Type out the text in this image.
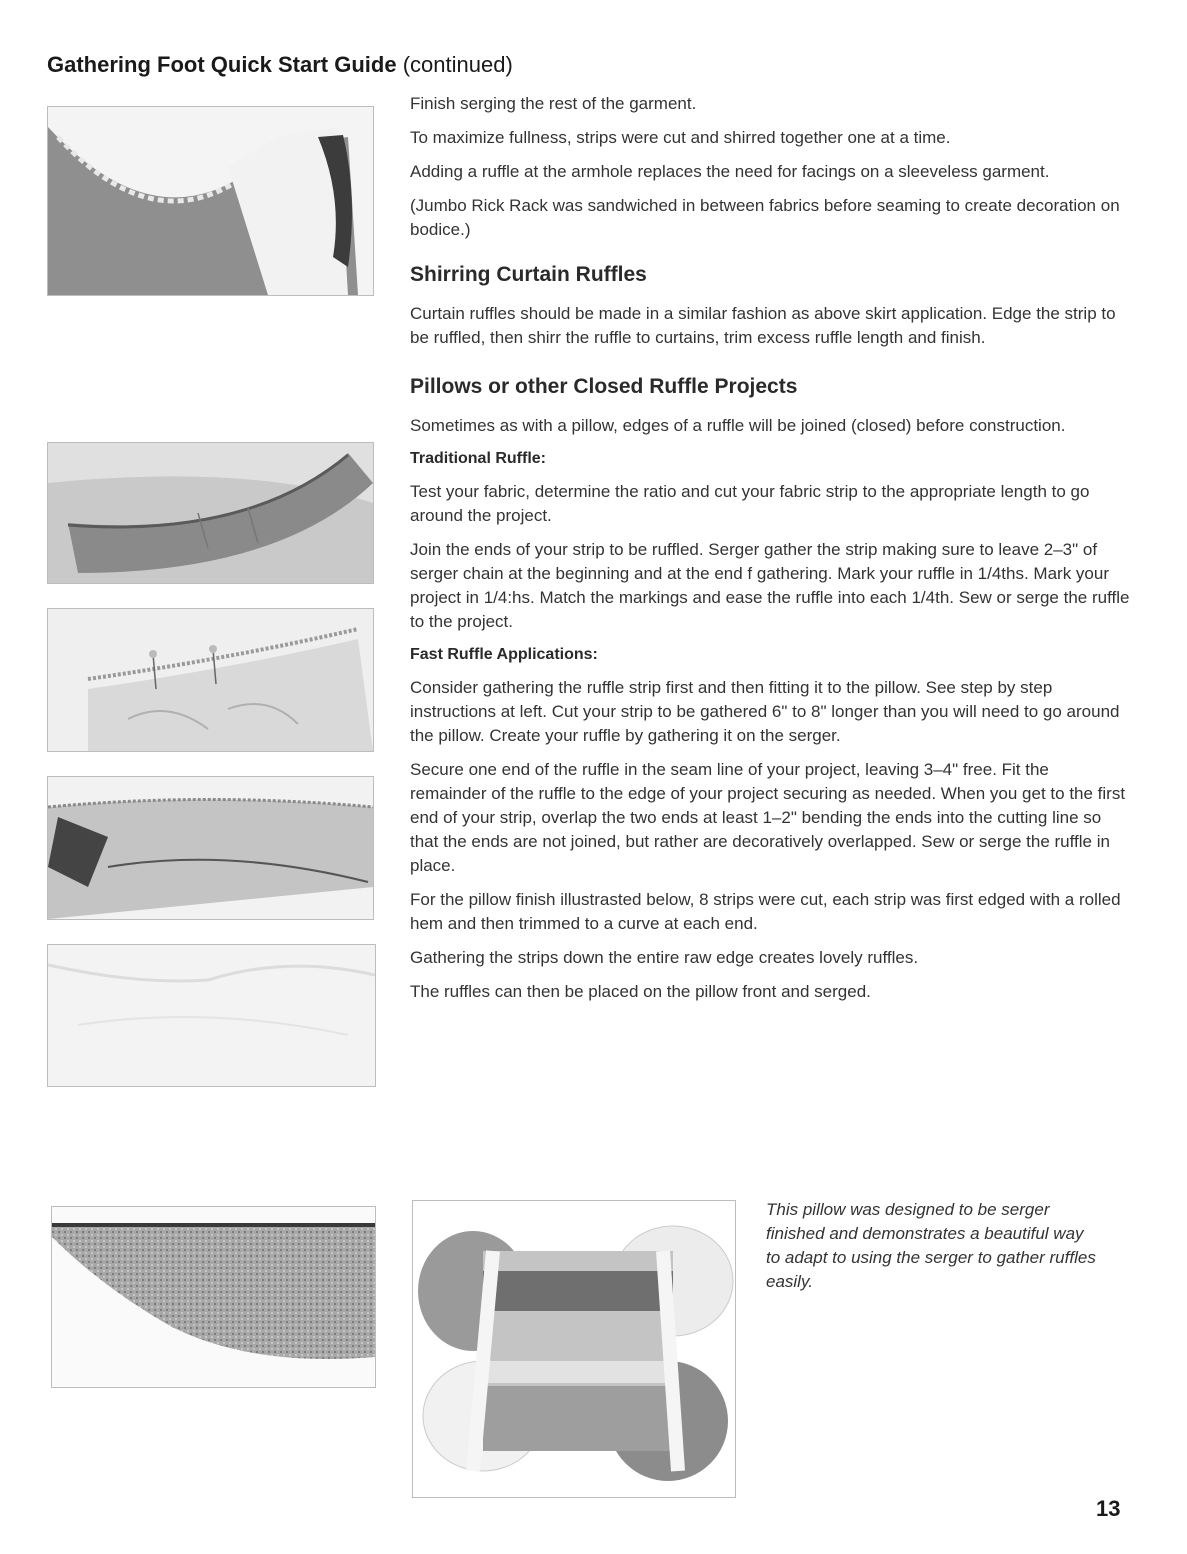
Gathering Foot Quick Start Guide (continued)

Finish serging the rest of the garment.

To maximize fullness, strips were cut and shirred together one at a time.

Adding a ruffle at the armhole replaces the need for facings on a sleeveless garment.

(Jumbo Rick Rack was sandwiched in between fabrics before seaming to create decoration on bodice.)

Shirring Curtain Ruffles

Curtain ruffles should be made in a similar fashion as above skirt application. Edge the strip to be ruffled, then shirr the ruffle to curtains, trim excess ruffle length and finish.

Pillows or other Closed Ruffle Projects

Sometimes as with a pillow, edges of a ruffle will be joined (closed) before construction.

Traditional Ruffle:

Test your fabric, determine the ratio and cut your fabric strip to the appropriate length to go around the project.

Join the ends of your strip to be ruffled. Serger gather the strip making sure to leave 2–3" of serger chain at the beginning and at the end f gathering. Mark your ruffle in 1/4ths. Mark your project in 1/4:hs. Match the markings and ease the ruffle into each 1/4th. Sew or serge the ruffle to the project.

Fast Ruffle Applications:

Consider gathering the ruffle strip first and then fitting it to the pillow. See step by step instructions at left. Cut your strip to be gathered 6" to 8" longer than you will need to go around the pillow. Create your ruffle by gathering it on the serger.

Secure one end of the ruffle in the seam line of your project, leaving 3–4" free. Fit the remainder of the ruffle to the edge of your project securing as needed. When you get to the first end of your strip, overlap the two ends at least 1–2" bending the ends into the cutting line so that the ends are not joined, but rather are decoratively overlapped. Sew or serge the ruffle in place.

For the pillow finish illustrasted below, 8 strips were cut, each strip was first edged with a rolled hem and then trimmed to a curve at each end.

Gathering the strips down the entire raw edge creates lovely ruffles.

The ruffles can then be placed on the pillow front and serged.

This pillow was designed to be serger finished and demonstrates a beautiful way to adapt to using the serger to gather ruffles easily.
13
